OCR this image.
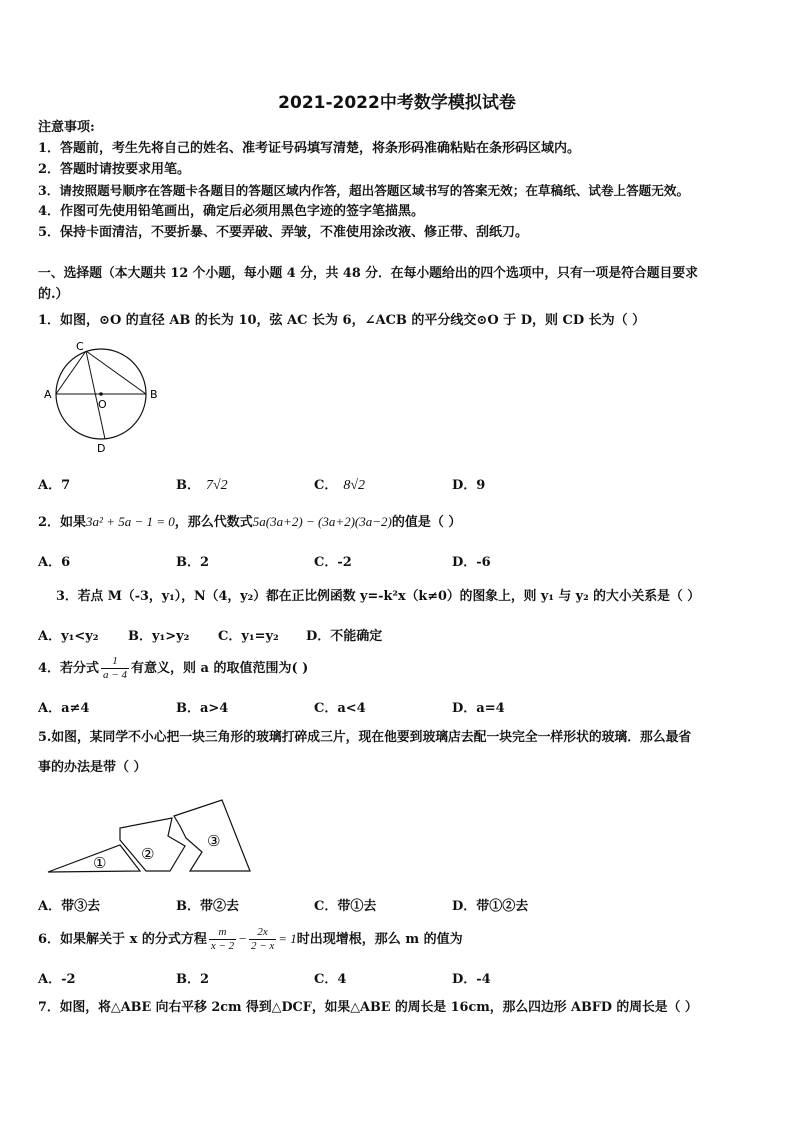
2021-2022中考数学模拟试卷
注意事项:
1．答题前，考生先将自己的姓名、准考证号码填写清楚，将条形码准确粘贴在条形码区域内。
2．答题时请按要求用笔。
3．请按照题号顺序在答题卡各题目的答题区域内作答，超出答题区域书写的答案无效；在草稿纸、试卷上答题无效。
4．作图可先使用铅笔画出，确定后必须用黑色字迹的签字笔描黑。
5．保持卡面清洁，不要折暴、不要弄破、弄皱，不准使用涂改液、修正带、刮纸刀。
一、选择题（本大题共 12 个小题，每小题 4 分，共 48 分．在每小题给出的四个选项中，只有一项是符合题目要求
的.）
1．如图，⊙O 的直径 AB 的长为 10，弦 AC 长为 6，∠ACB 的平分线交⊙O 于 D，则 CD 长为（ ）
C
A	B
O
D
A．7	B． 7√2	C． 8√2	D．9
2．如果3a² + 5a − 1 = 0，那么代数式5a(3a+2) − (3a+2)(3a−2)的值是（ ）
A．6	B．2	C．-2	D．-6
3．若点 M（-3，y₁），N（4，y₂）都在正比例函数 y=-k²x（k≠0）的图象上，则 y₁ 与 y₂ 的大小关系是（ ）
A．y₁<y₂ B．y₁>y₂ C．y₁=y₂ D．不能确定
4．若分式 $\frac{1}{a - 4}$ 有意义，则 a 的取值范围为( )
A．a≠4	B．a>4	C．a<4	D．a=4
5.如图，某同学不小心把一块三角形的玻璃打碎成三片，现在他要到玻璃店去配一块完全一样形状的玻璃．那么最省
事的办法是带（ ）
① ②
③
A．带③去	B．带②去	C．带①去	D．带①②去
6．如果解关于 x 的分式方程 $\frac{m}{x - 2} - \frac{2x}{2 - x} = 1$时出现增根，那么 m 的值为
A．-2	B．2	C．4	D．-4
7．如图，将△ABE 向右平移 2cm 得到△DCF，如果△ABE 的周长是 16cm，那么四边形 ABFD 的周长是（ ）
